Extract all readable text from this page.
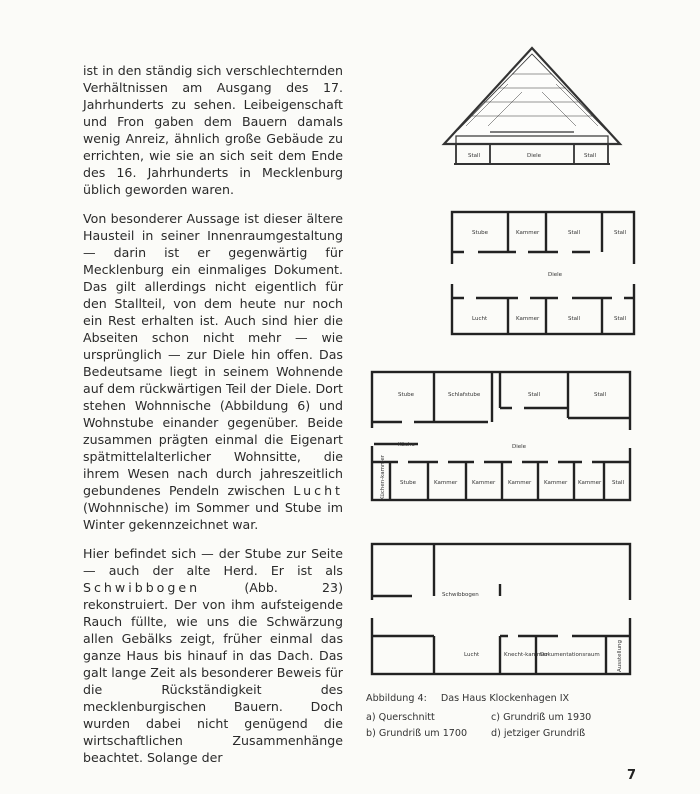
ist in den ständig sich verschlechternden Verhältnissen am Ausgang des 17. Jahrhunderts zu sehen. Leibeigenschaft und Fron gaben dem Bauern damals wenig Anreiz, ähnlich große Gebäude zu errichten, wie sie an sich seit dem Ende des 16. Jahrhunderts in Mecklenburg üblich geworden waren.

Von besonderer Aussage ist dieser ältere Hausteil in seiner Innenraumgestaltung — darin ist er gegenwärtig für Mecklenburg ein einmaliges Dokument. Das gilt allerdings nicht eigentlich für den Stallteil, von dem heute nur noch ein Rest erhalten ist. Auch sind hier die Abseiten schon nicht mehr — wie ursprünglich — zur Diele hin offen. Das Bedeutsame liegt in seinem Wohnende auf dem rückwärtigen Teil der Diele. Dort stehen Wohnnische (Abbildung 6) und Wohnstube einander gegenüber. Beide zusammen prägten einmal die Eigenart spätmittelalterlicher Wohnsitte, die ihrem Wesen nach durch jahreszeitlich gebundenes Pendeln zwischen Lucht (Wohnnische) im Sommer und Stube im Winter gekennzeichnet war.

Hier befindet sich — der Stube zur Seite — auch der alte Herd. Er ist als Schwibbogen	(Abb. 23) rekonstruiert. Der von ihm aufsteigende Rauch füllte, wie uns die Schwärzung allen Gebälks zeigt, früher einmal das ganze Haus bis hinauf in das Dach. Das galt lange Zeit als besonderer Beweis für die Rückständigkeit des mecklenburgischen Bauern. Doch wurden dabei nicht genügend die wirtschaftlichen Zusammenhänge beachtet. Solange der

Stall	Diele	Stall
Stube	Kammer	Stall	Stall
Diele
Lucht	Kammer	Stall	Stall
Stube	Schlafstube	Stall	Stall
Küche	Diele
Küchen-kammer	Stube	Kammer	Kammer Kammer Kammer Kammer Stall
Schwibbogen
Lucht	Knecht-kammer
Dokumentationsraum	Ausstellung
Abbildung 4: Das Haus Klockenhagen IX
a) Querschnitt	c) Grundriß um 1930
b) Grundriß um 1700	d) jetziger Grundriß
7
